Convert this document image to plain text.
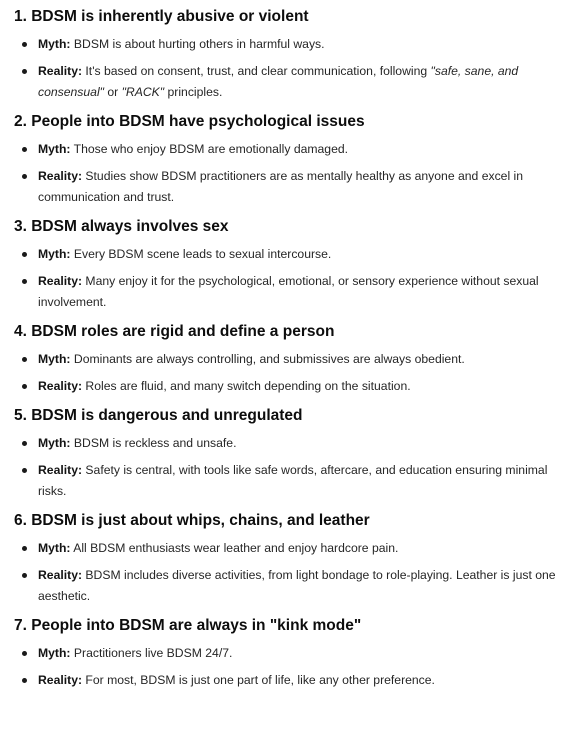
1. BDSM is inherently abusive or violent
Myth: BDSM is about hurting others in harmful ways.
Reality: It's based on consent, trust, and clear communication, following "safe, sane, and consensual" or "RACK" principles.
2. People into BDSM have psychological issues
Myth: Those who enjoy BDSM are emotionally damaged.
Reality: Studies show BDSM practitioners are as mentally healthy as anyone and excel in communication and trust.
3. BDSM always involves sex
Myth: Every BDSM scene leads to sexual intercourse.
Reality: Many enjoy it for the psychological, emotional, or sensory experience without sexual involvement.
4. BDSM roles are rigid and define a person
Myth: Dominants are always controlling, and submissives are always obedient.
Reality: Roles are fluid, and many switch depending on the situation.
5. BDSM is dangerous and unregulated
Myth: BDSM is reckless and unsafe.
Reality: Safety is central, with tools like safe words, aftercare, and education ensuring minimal risks.
6. BDSM is just about whips, chains, and leather
Myth: All BDSM enthusiasts wear leather and enjoy hardcore pain.
Reality: BDSM includes diverse activities, from light bondage to role-playing. Leather is just one aesthetic.
7. People into BDSM are always in "kink mode"
Myth: Practitioners live BDSM 24/7.
Reality: For most, BDSM is just one part of life, like any other preference.
